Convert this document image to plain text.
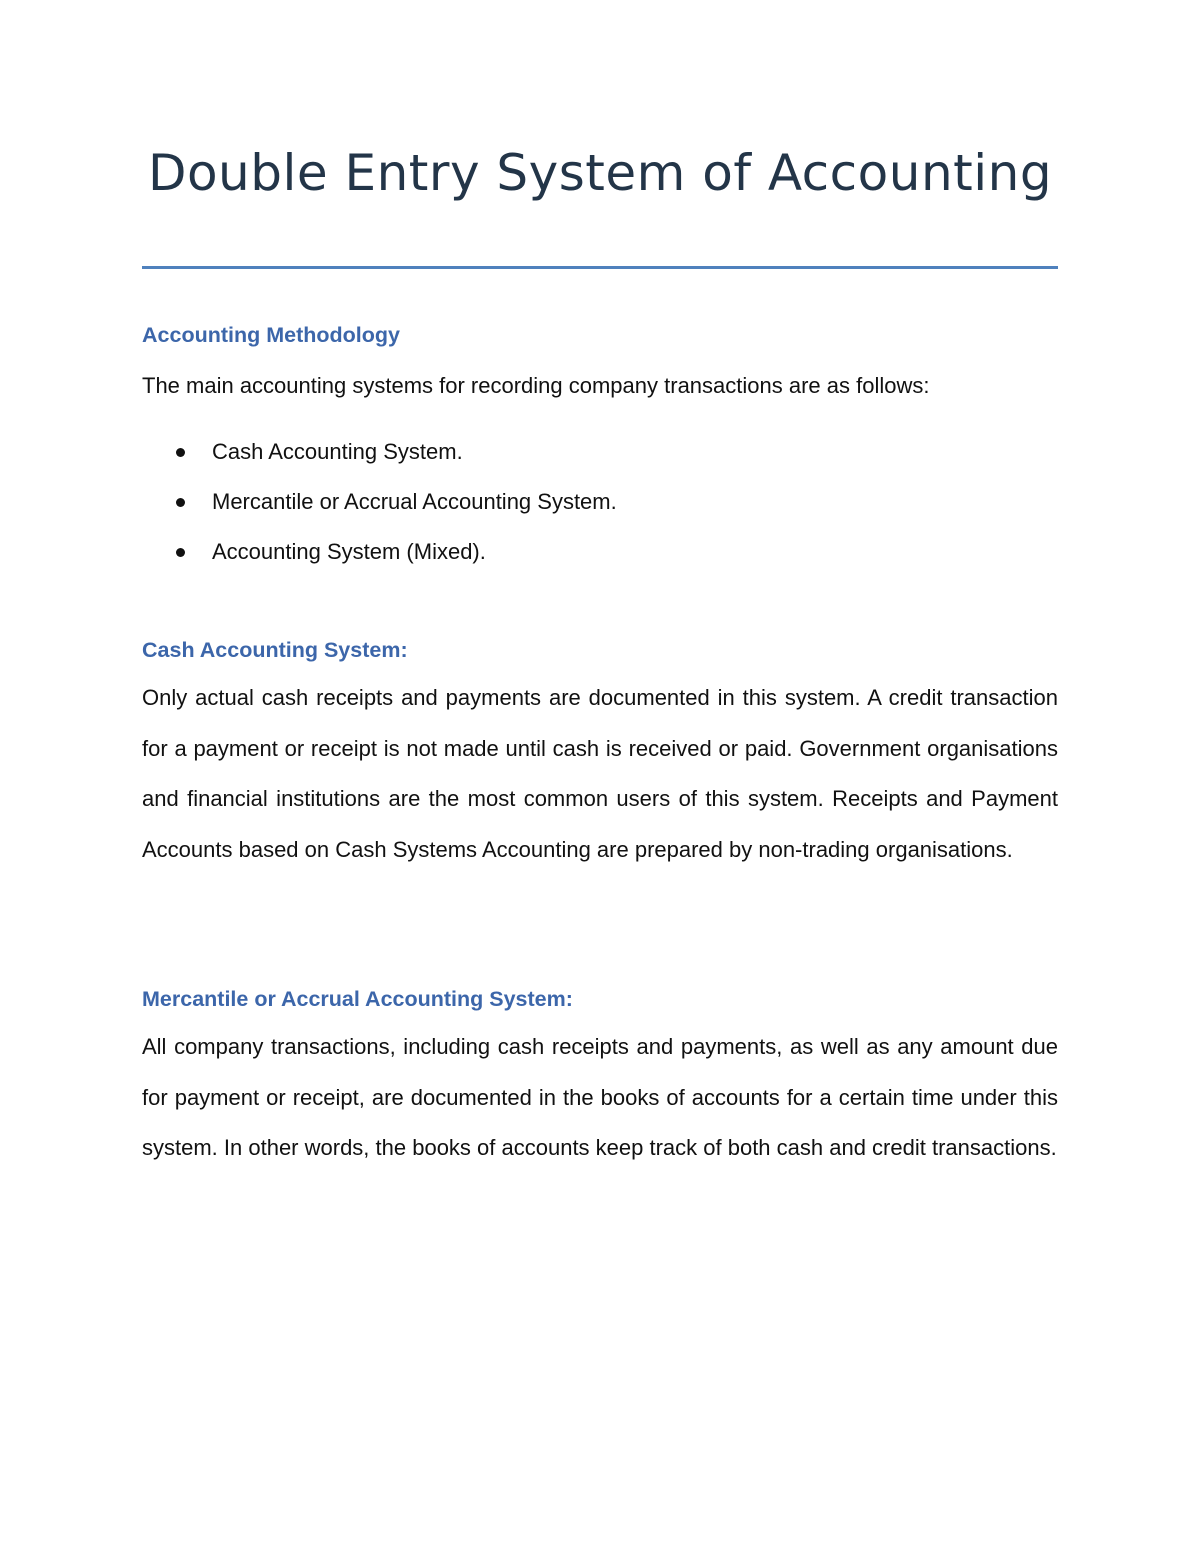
Double Entry System of Accounting
Accounting Methodology

The main accounting systems for recording company transactions are as follows:

Cash Accounting System.
Mercantile or Accrual Accounting System.
Accounting System (Mixed).
Cash Accounting System:

Only actual cash receipts and payments are documented in this system. A credit transaction for a payment or receipt is not made until cash is received or paid. Government organisations and financial institutions are the most common users of this system. Receipts and Payment Accounts based on Cash Systems Accounting are prepared by non-trading organisations.

Mercantile or Accrual Accounting System:

All company transactions, including cash receipts and payments, as well as any amount due for payment or receipt, are documented in the books of accounts for a certain time under this system. In other words, the books of accounts keep track of both cash and credit transactions.
